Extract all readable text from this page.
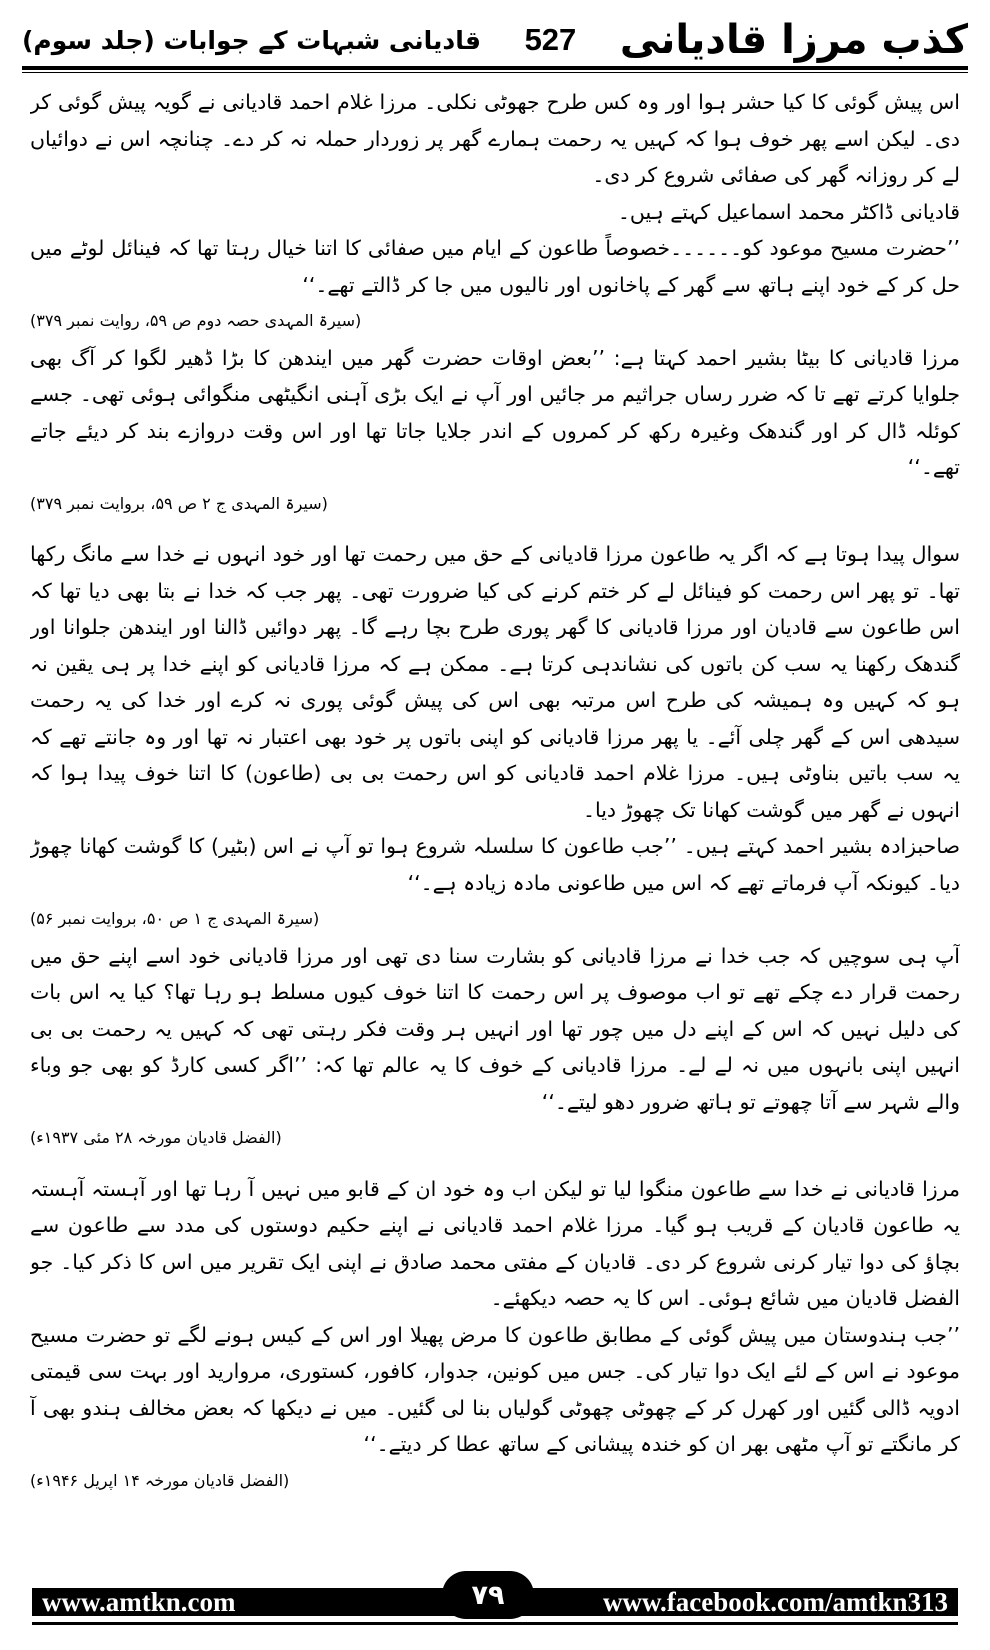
قادیانی شبہات کے جوابات (جلد سوم) 527 کذب مرزا قادیانی

اس پیش گوئی کا کیا حشر ہوا اور وہ کس طرح جھوٹی نکلی۔ مرزا غلام احمد قادیانی نے گویہ پیش گوئی کر دی۔ لیکن اسے پھر خوف ہوا کہ کہیں یہ رحمت ہمارے گھر پر زوردار حملہ نہ کر دے۔ چنانچہ اس نے دوائیاں لے کر روزانہ گھر کی صفائی شروع کر دی۔

قادیانی ڈاکٹر محمد اسماعیل کہتے ہیں۔

’’حضرت مسیح موعود کو۔۔۔۔۔۔خصوصاً طاعون کے ایام میں صفائی کا اتنا خیال رہتا تھا کہ فینائل لوٹے میں حل کر کے خود اپنے ہاتھ سے گھر کے پاخانوں اور نالیوں میں جا کر ڈالتے تھے۔‘‘

(سیرۃ المہدی حصہ دوم ص ۵۹، روایت نمبر ۳۷۹)

مرزا قادیانی کا بیٹا بشیر احمد کہتا ہے: ’’بعض اوقات حضرت گھر میں ایندھن کا بڑا ڈھیر لگوا کر آگ بھی جلوایا کرتے تھے تا کہ ضرر رساں جراثیم مر جائیں اور آپ نے ایک بڑی آہنی انگیٹھی منگوائی ہوئی تھی۔ جسے کوئلہ ڈال کر اور گندھک وغیرہ رکھ کر کمروں کے اندر جلایا جاتا تھا اور اس وقت دروازے بند کر دیئے جاتے تھے۔‘‘

(سیرۃ المہدی ج ۲ ص ۵۹، بروایت نمبر ۳۷۹)

سوال پیدا ہوتا ہے کہ اگر یہ طاعون مرزا قادیانی کے حق میں رحمت تھا اور خود انہوں نے خدا سے مانگ رکھا تھا۔ تو پھر اس رحمت کو فینائل لے کر ختم کرنے کی کیا ضرورت تھی۔ پھر جب کہ خدا نے بتا بھی دیا تھا کہ اس طاعون سے قادیان اور مرزا قادیانی کا گھر پوری طرح بچا رہے گا۔ پھر دوائیں ڈالنا اور ایندھن جلوانا اور گندھک رکھنا یہ سب کن باتوں کی نشاندہی کرتا ہے۔ ممکن ہے کہ مرزا قادیانی کو اپنے خدا پر ہی یقین نہ ہو کہ کہیں وہ ہمیشہ کی طرح اس مرتبہ بھی اس کی پیش گوئی پوری نہ کرے اور خدا کی یہ رحمت سیدھی اس کے گھر چلی آئے۔ یا پھر مرزا قادیانی کو اپنی باتوں پر خود بھی اعتبار نہ تھا اور وہ جانتے تھے کہ یہ سب باتیں بناوٹی ہیں۔ مرزا غلام احمد قادیانی کو اس رحمت بی بی (طاعون) کا اتنا خوف پیدا ہوا کہ انہوں نے گھر میں گوشت کھانا تک چھوڑ دیا۔

صاحبزادہ بشیر احمد کہتے ہیں۔ ’’جب طاعون کا سلسلہ شروع ہوا تو آپ نے اس (بٹیر) کا گوشت کھانا چھوڑ دیا۔ کیونکہ آپ فرماتے تھے کہ اس میں طاعونی مادہ زیادہ ہے۔‘‘

(سیرۃ المہدی ج ۱ ص ۵۰، بروایت نمبر ۵۶)

آپ ہی سوچیں کہ جب خدا نے مرزا قادیانی کو بشارت سنا دی تھی اور مرزا قادیانی خود اسے اپنے حق میں رحمت قرار دے چکے تھے تو اب موصوف پر اس رحمت کا اتنا خوف کیوں مسلط ہو رہا تھا؟ کیا یہ اس بات کی دلیل نہیں کہ اس کے اپنے دل میں چور تھا اور انہیں ہر وقت فکر رہتی تھی کہ کہیں یہ رحمت بی بی انہیں اپنی بانہوں میں نہ لے لے۔ مرزا قادیانی کے خوف کا یہ عالم تھا کہ: ’’اگر کسی کارڈ کو بھی جو وباء والے شہر سے آتا چھوتے تو ہاتھ ضرور دھو لیتے۔‘‘

(الفضل قادیان مورخہ ۲۸ مئی ۱۹۳۷ء)

مرزا قادیانی نے خدا سے طاعون منگوا لیا تو لیکن اب وہ خود ان کے قابو میں نہیں آ رہا تھا اور آہستہ آہستہ یہ طاعون قادیان کے قریب ہو گیا۔ مرزا غلام احمد قادیانی نے اپنے حکیم دوستوں کی مدد سے طاعون سے بچاؤ کی دوا تیار کرنی شروع کر دی۔ قادیان کے مفتی محمد صادق نے اپنی ایک تقریر میں اس کا ذکر کیا۔ جو الفضل قادیان میں شائع ہوئی۔ اس کا یہ حصہ دیکھئے۔

’’جب ہندوستان میں پیش گوئی کے مطابق طاعون کا مرض پھیلا اور اس کے کیس ہونے لگے تو حضرت مسیح موعود نے اس کے لئے ایک دوا تیار کی۔ جس میں کونین، جدوار، کافور، کستوری، مروارید اور بہت سی قیمتی ادویہ ڈالی گئیں اور کھرل کر کے چھوٹی چھوٹی گولیاں بنا لی گئیں۔ میں نے دیکھا کہ بعض مخالف ہندو بھی آ کر مانگتے تو آپ مٹھی بھر ان کو خندہ پیشانی کے ساتھ عطا کر دیتے۔‘‘

(الفضل قادیان مورخہ ۱۴ اپریل ۱۹۴۶ء)

www.amtkn.com	www.facebook.com/amtkn313
۷۹
